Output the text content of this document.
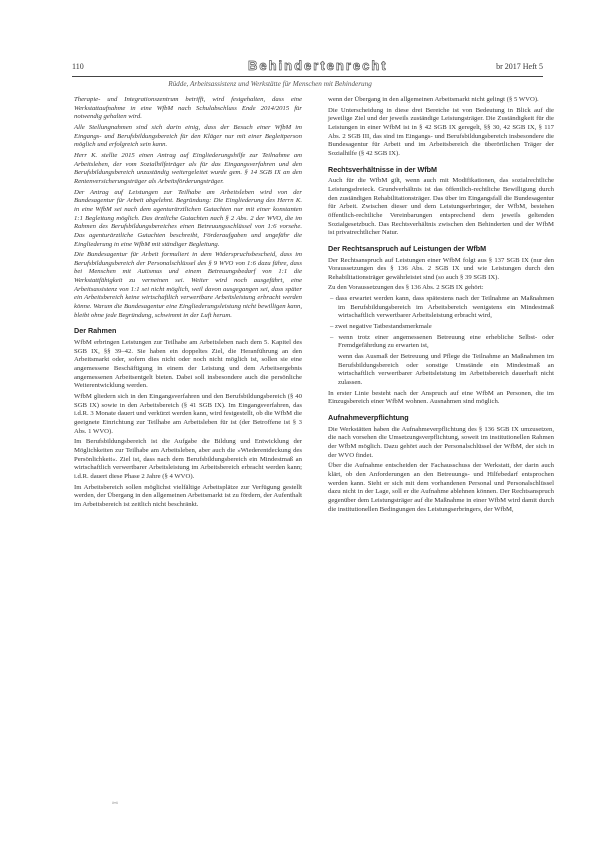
110	Behindertenrecht	br 2017 Heft 5
Rüdde, Arbeitsassistenz und Werkstätte für Menschen mit Behinderung

Therapie- und Integrationszentrum betrifft, wird festgehalten, dass eine Werkstattaufnahme in eine WfbM nach Schulabschluss Ende 2014/2015 für notwendig gehalten wird.

Alle Stellungnahmen sind sich darin einig, dass der Besuch einer WfbM im Eingangs- und Berufsbildungsbereich für den Kläger nur mit einer Begleitperson möglich und erfolgreich sein kann.

Herr K. stellte 2015 einen Antrag auf Eingliederungshilfe zur Teilnahme am Arbeitsleben, der vom Sozialhilfeträger als für das Eingangsverfahren und den Berufsbildungsbereich unzuständig weitergeleitet wurde gem. § 14 SGB IX an den Rentenversicherungsträger als Arbeitsförderungsträger.

Der Antrag auf Leistungen zur Teilhabe am Arbeitsleben wird von der Bundesagentur für Arbeit abgelehnt. Begründung: Die Eingliederung des Herrn K. in eine WfbM sei nach dem agenturärztlichen Gutachten nur mit einer konstanten 1:1 Begleitung möglich. Das ärztliche Gutachten nach § 2 Abs. 2 der WVO, die im Rahmen des Berufsbildungsbereiches einen Betreuungsschlüssel von 1:6 vorsehe. Das agenturärztliche Gutachten beschreibt, Förderaufgaben und ungefähr die Eingliederung in eine WfbM mit ständiger Begleitung.

Die Bundesagentur für Arbeit formuliert in dem Widerspruchsbescheid, dass im Berufsbildungsbereich der Personalschlüssel des § 9 WVO von 1:6 dazu führe, dass bei Menschen mit Autismus und einem Betreuungsbedarf von 1:1 die Werkstattfähigkeit zu verneinen sei. Weiter wird noch ausgeführt, eine Arbeitsassistenz von 1:1 sei nicht möglich, weil davon ausgegangen sei, dass später ein Arbeitsbereich keine wirtschaftlich verwertbare Arbeitsleistung erbracht werden könne. Warum die Bundesagentur eine Eingliederungsleistung nicht bewilligen kann, bleibt ohne jede Begründung, schwimmt in der Luft herum.

Der Rahmen

WfbM erbringen Leistungen zur Teilhabe am Arbeitsleben nach dem 5. Kapitel des SGB IX, §§ 39–42. Sie haben ein doppeltes Ziel, die Heranführung an den Arbeitsmarkt oder, sofern dies nicht oder noch nicht möglich ist, sollen sie eine angemessene Beschäftigung in einem der Leistung und dem Arbeitsergebnis angemessenen Arbeitsentgelt bieten. Dabei soll insbesondere auch die persönliche Weiterentwicklung werden.

WfbM gliedern sich in den Eingangsverfahren und den Berufsbildungsbereich (§ 40 SGB IX) sowie in den Arbeitsbereich (§ 41 SGB IX). Im Eingangsverfahren, das i.d.R. 3 Monate dauert und verkürzt werden kann, wird festgestellt, ob die WfbM die geeignete Einrichtung zur Teilhabe am Arbeitsleben für ist (der Betroffene ist § 3 Abs. 1 WVO).

Im Berufsbildungsbereich ist die Aufgabe die Bildung und Entwicklung der Möglichkeiten zur Teilhabe am Arbeitsleben, aber auch die »Wiederentdeckung des Persönlichkeit«. Ziel ist, dass nach dem Berufsbildungsbereich ein Mindestmaß an wirtschaftlich verwertbarer Arbeitsleistung im Arbeitsbereich erbracht werden kann; i.d.R. dauert diese Phase 2 Jahre (§ 4 WVO).

Im Arbeitsbereich sollen möglichst vielfältige Arbeitsplätze zur Verfügung gestellt werden, der Übergang in den allgemeinen Arbeitsmarkt ist zu fördern, der Aufenthalt im Arbeitsbereich ist zeitlich nicht beschränkt.

wenn der Übergang in den allgemeinen Arbeitsmarkt nicht gelingt (§ 5 WVO).

Die Unterscheidung in diese drei Bereiche ist von Bedeutung in Blick auf die jeweilige Ziel und der jeweils zuständige Leistungsträger. Die Zuständigkeit für die Leistungen in einer WfbM ist in § 42 SGB IX geregelt, §§ 30, 42 SGB IX, § 117 Abs. 2 SGB III, das sind im Eingangs- und Berufsbildungsbereich insbesondere die Bundesagentur für Arbeit und im Arbeitsbereich die überörtlichen Träger der Sozialhilfe (§ 42 SGB IX).

Rechtsverhältnisse in der WfbM

Auch für die WfbM gilt, wenn auch mit Modifikationen, das sozialrechtliche Leistungsdreieck. Grundverhältnis ist das öffentlich-rechtliche Bewilligung durch den zuständigen Rehabilitationsträger. Das über im Eingangsfall die Bundesagentur für Arbeit. Zwischen dieser und dem Leistungserbringer, der WfbM, bestehen öffentlich-rechtliche Vereinbarungen entsprechend dem jeweils geltenden Sozialgesetzbuch. Das Rechtsverhältnis zwischen den Behinderten und der WfbM ist privatrechtlicher Natur.

Der Rechtsanspruch auf Leistungen der WfbM

Der Rechtsanspruch auf Leistungen einer WfbM folgt aus § 137 SGB IX (nur den Voraussetzungen des § 136 Abs. 2 SGB IX und wie Leistungen durch den Rehabilitationsträger gewährleistet sind (so auch § 39 SGB IX).

Zu den Voraussetzungen des § 136 Abs. 2 SGB IX gehört:

– dass erwartet werden kann, dass spätestens nach der Teilnahme an Maßnahmen im Berufsbildungsbereich im Arbeitsbereich wenigstens ein Mindestmaß wirtschaftlich verwertbarer Arbeitsleistung erbracht wird,

– zwei negative Tatbestandsmerkmale

– wenn trotz einer angemessenen Betreuung eine erhebliche Selbst- oder Fremdgefährdung zu erwarten ist,

wenn das Ausmaß der Betreuung und Pflege die Teilnahme an Maßnahmen im Berufsbildungsbereich oder sonstige Umstände ein Mindestmaß an wirtschaftlich verwertbarer Arbeitsleistung im Arbeitsbereich dauerhaft nicht zulassen.

In erster Linie besteht nach der Anspruch auf eine WfbM an Personen, die im Einzugsbereich einer WfbM wohnen. Ausnahmen sind möglich.

Aufnahmeverpflichtung

Die Werkstätten haben die Aufnahmeverpflichtung des § 136 SGB IX umzusetzen, die nach vorsehen die Umsetzungsverpflichtung, soweit im institutionellen Rahmen der WfbM möglich. Dazu gehört auch der Personalschlüssel der WfbM, der sich in der WVO findet.

Über die Aufnahme entscheiden der Fachausschuss der Werkstatt, der darin auch klärt, ob den Anforderungen an den Betreuungs- und Hilfebedarf entsprochen werden kann. Sieht er sich mit dem vorhandenen Personal und Personalschlüssel dazu nicht in der Lage, soll er die Aufnahme ablehnen können. Der Rechtsanspruch gegenüber dem Leistungsträger auf die Maßnahme in einer WfbM wird damit durch die institutionellen Bedingungen des Leistungserbringers, der WfbM,

»«
